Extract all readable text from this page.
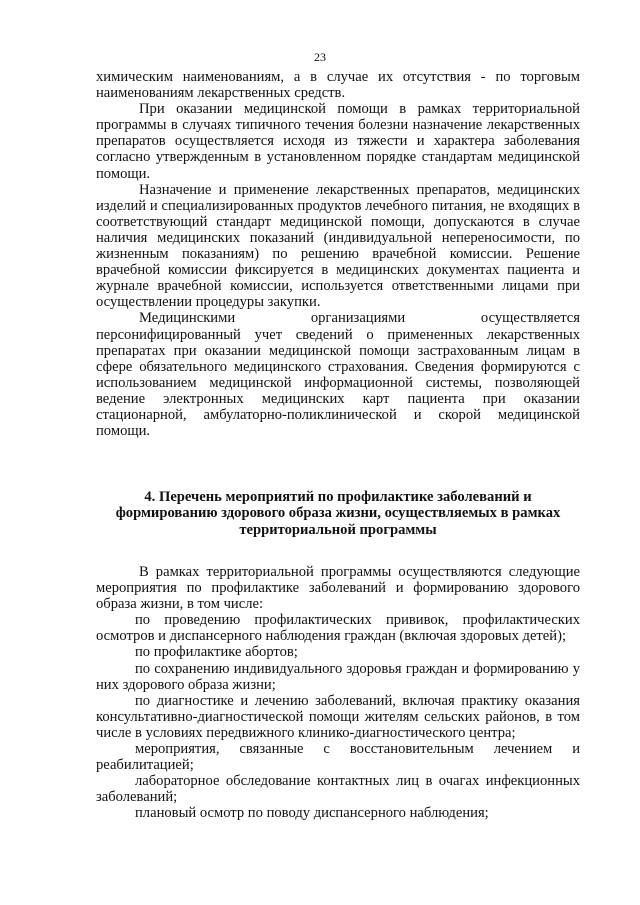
23

химическим наименованиям, а в случае их отсутствия - по торговым наименованиям лекарственных средств.

При оказании медицинской помощи в рамках территориальной программы в случаях типичного течения болезни назначение лекарственных препаратов осуществляется исходя из тяжести и характера заболевания согласно утвержденным в установленном порядке стандартам медицинской помощи.

Назначение и применение лекарственных препаратов, медицинских изделий и специализированных продуктов лечебного питания, не входящих в соответствующий стандарт медицинской помощи, допускаются в случае наличия медицинских показаний (индивидуальной непереносимости, по жизненным показаниям) по решению врачебной комиссии. Решение врачебной комиссии фиксируется в медицинских документах пациента и журнале врачебной комиссии, используется ответственными лицами при осуществлении процедуры закупки.

Медицинскими организациями осуществляется персонифицированный учет сведений о примененных лекарственных препаратах при оказании медицинской помощи застрахованным лицам в сфере обязательного медицинского страхования. Сведения формируются с использованием медицинской информационной системы, позволяющей ведение электронных медицинских карт пациента при оказании стационарной, амбулаторно-поликлинической и скорой медицинской помощи.

4. Перечень мероприятий по профилактике заболеваний и
формированию здорового образа жизни, осуществляемых в рамках
территориальной программы

В рамках территориальной программы осуществляются следующие мероприятия по профилактике заболеваний и формированию здорового образа жизни, в том числе:

по проведению профилактических прививок, профилактических осмотров и диспансерного наблюдения граждан (включая здоровых детей);

по профилактике абортов;

по сохранению индивидуального здоровья граждан и формированию у них здорового образа жизни;

по диагностике и лечению заболеваний, включая практику оказания консультативно-диагностической помощи жителям сельских районов, в том числе в условиях передвижного клинико-диагностического центра;

мероприятия, связанные с восстановительным лечением и реабилитацией;

лабораторное обследование контактных лиц в очагах инфекционных заболеваний;

плановый осмотр по поводу диспансерного наблюдения;
